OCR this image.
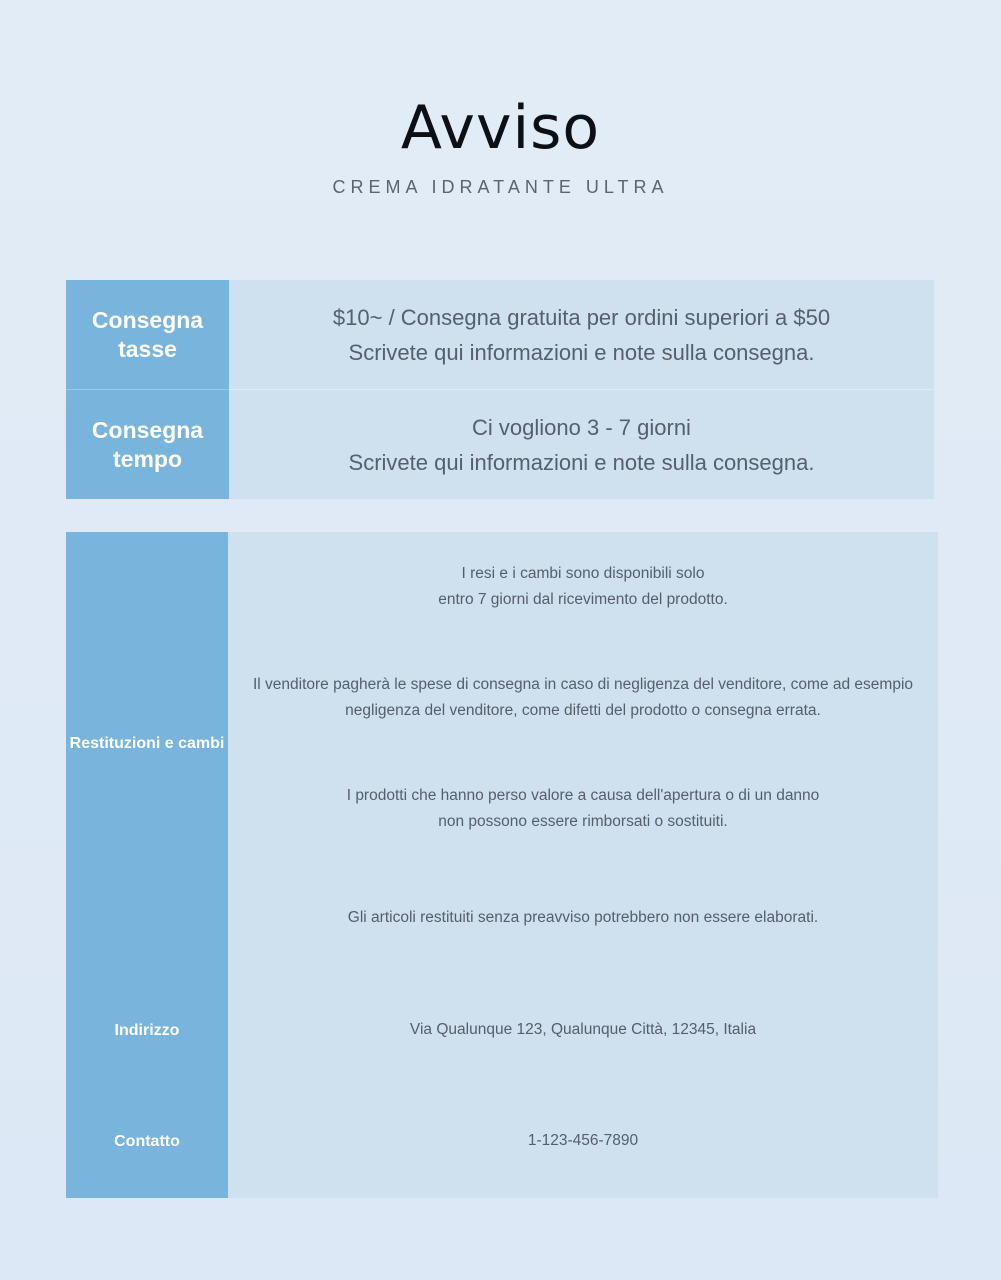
Avviso
CREMA IDRATANTE ULTRA
Consegna tasse
$10~ / Consegna gratuita per ordini superiori a $50
Scrivete qui informazioni e note sulla consegna.
Consegna tempo
Ci vogliono 3 - 7 giorni
Scrivete qui informazioni e note sulla consegna.
Restituzioni e cambi
Indirizzo
Contatto
I resi e i cambi sono disponibili solo
entro 7 giorni dal ricevimento del prodotto.
Il venditore pagherà le spese di consegna in caso di negligenza del venditore, come ad esempio
negligenza del venditore, come difetti del prodotto o consegna errata.
I prodotti che hanno perso valore a causa dell'apertura o di un danno
non possono essere rimborsati o sostituiti.
Gli articoli restituiti senza preavviso potrebbero non essere elaborati.
Via Qualunque 123, Qualunque Città, 12345, Italia
1-123-456-7890
